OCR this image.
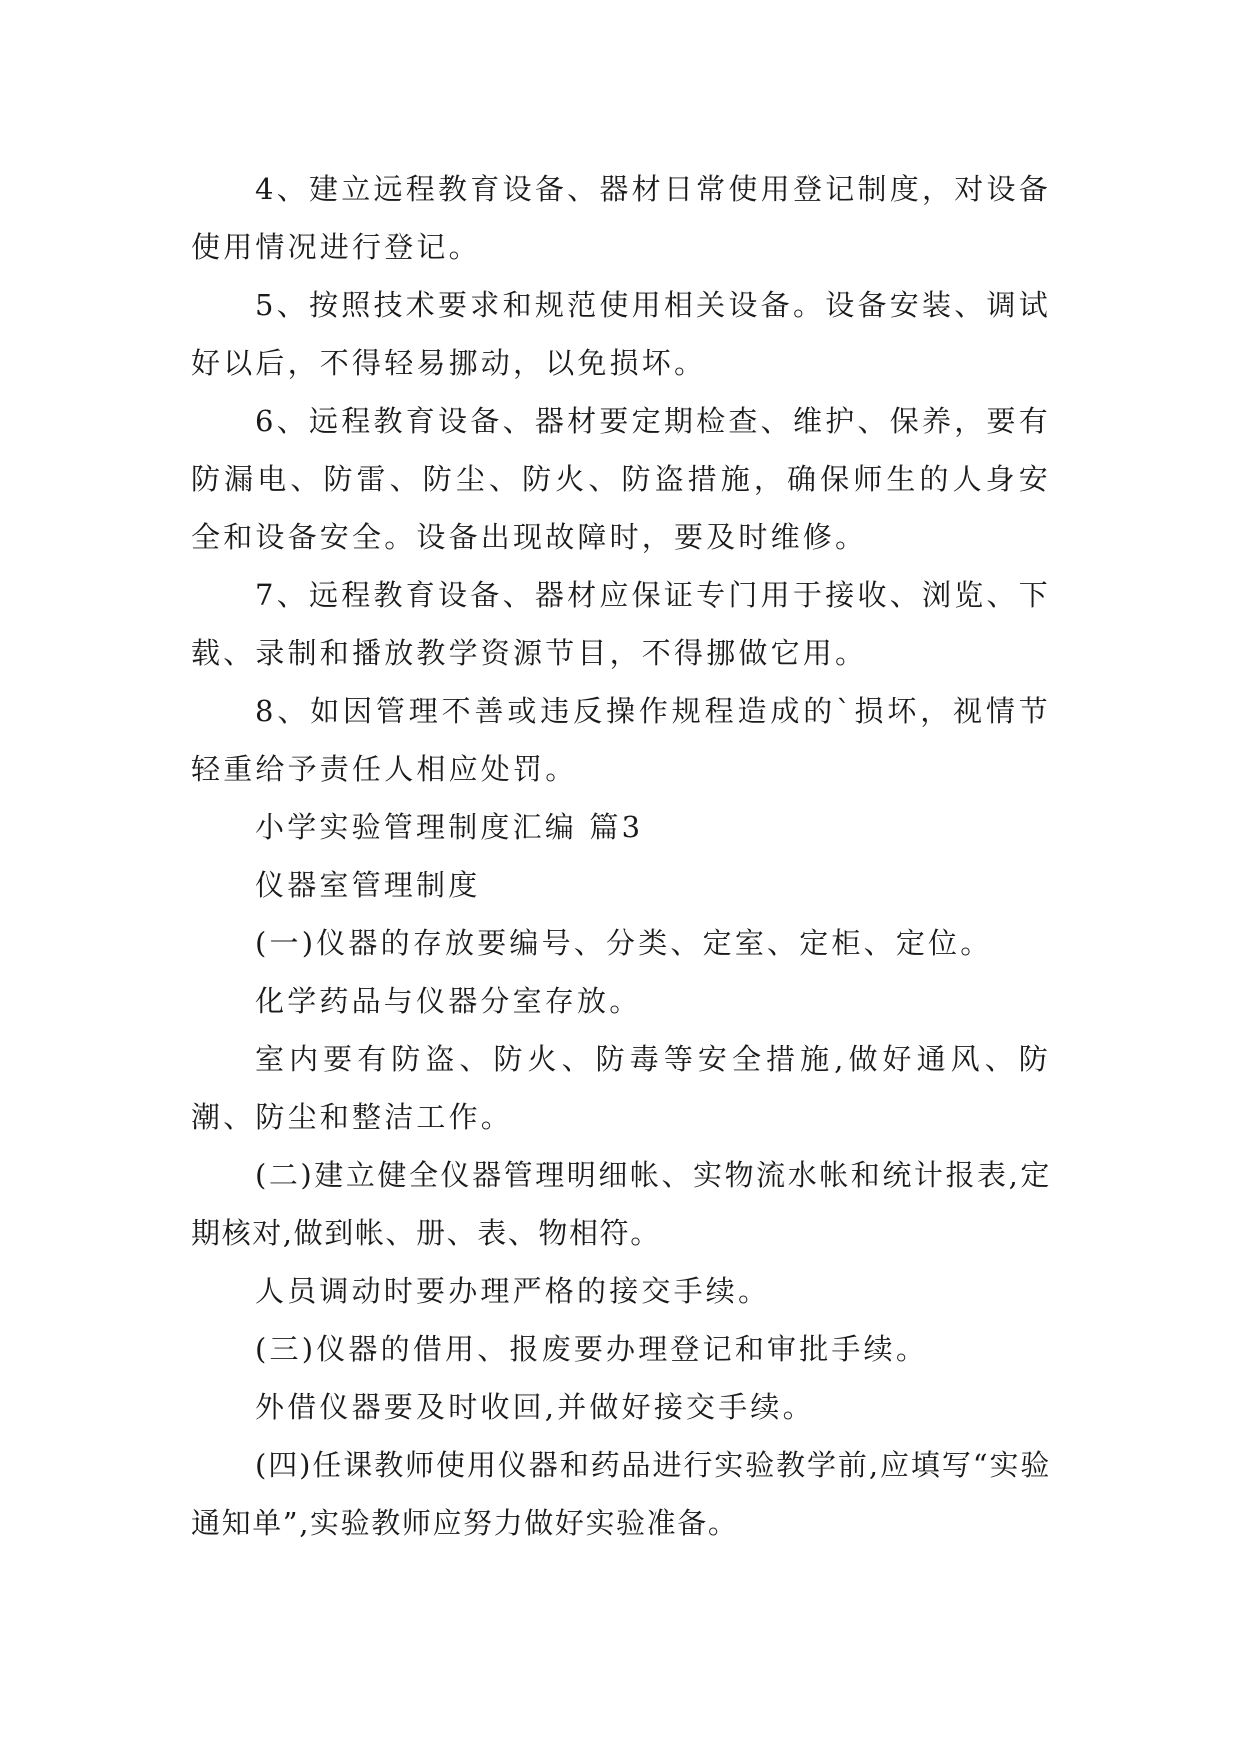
4、建立远程教育设备、器材日常使用登记制度，对设备使用情况进行登记。

5、按照技术要求和规范使用相关设备。设备安装、调试好以后，不得轻易挪动，以免损坏。

6、远程教育设备、器材要定期检查、维护、保养，要有防漏电、防雷、防尘、防火、防盗措施，确保师生的人身安全和设备安全。设备出现故障时，要及时维修。

7、远程教育设备、器材应保证专门用于接收、浏览、下载、录制和播放教学资源节目，不得挪做它用。

8、如因管理不善或违反操作规程造成的`损坏，视情节轻重给予责任人相应处罚。

小学实验管理制度汇编 篇3

仪器室管理制度

(一)仪器的存放要编号、分类、定室、定柜、定位。

化学药品与仪器分室存放。

室内要有防盗、防火、防毒等安全措施,做好通风、防潮、防尘和整洁工作。

(二)建立健全仪器管理明细帐、实物流水帐和统计报表,定期核对,做到帐、册、表、物相符。

人员调动时要办理严格的接交手续。

(三)仪器的借用、报废要办理登记和审批手续。

外借仪器要及时收回,并做好接交手续。

(四)任课教师使用仪器和药品进行实验教学前,应填写“实验通知单”,实验教师应努力做好实验准备。
